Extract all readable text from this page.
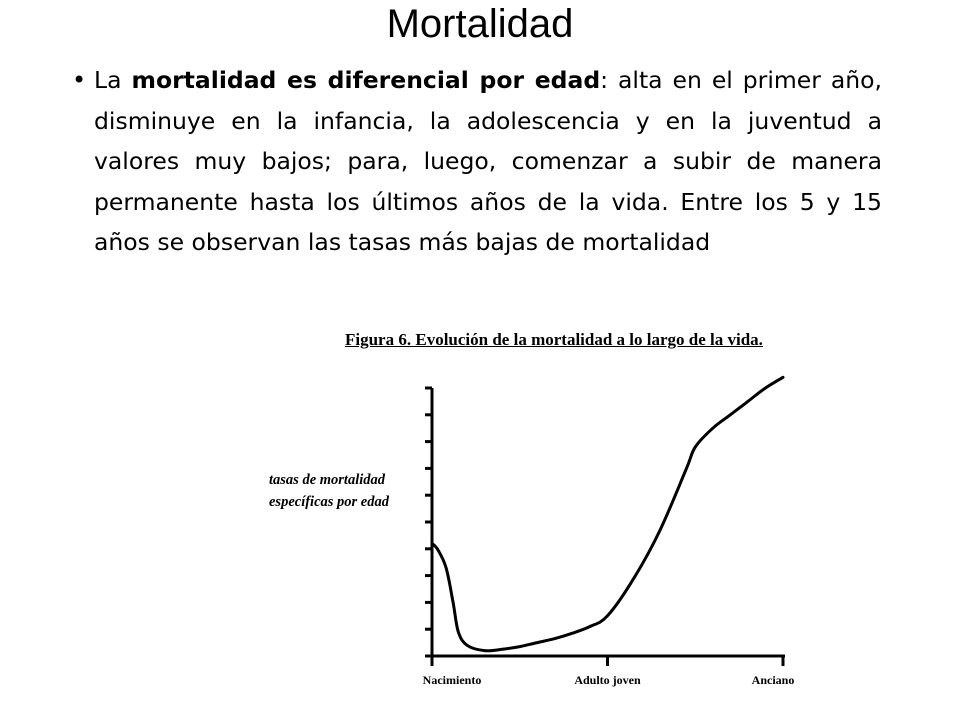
Mortalidad
• La mortalidad es diferencial por edad: alta en el primer año, disminuye en la infancia, la adolescencia y en la juventud a valores muy bajos; para, luego, comenzar a subir de manera permanente hasta los últimos años de la vida. Entre los 5 y 15 años se observan las tasas más bajas de mortalidad
Figura 6. Evolución de la mortalidad a lo largo de la vida.
Nacimiento	Adulto joven	Anciano
tasas de mortalidad
específicas por edad
